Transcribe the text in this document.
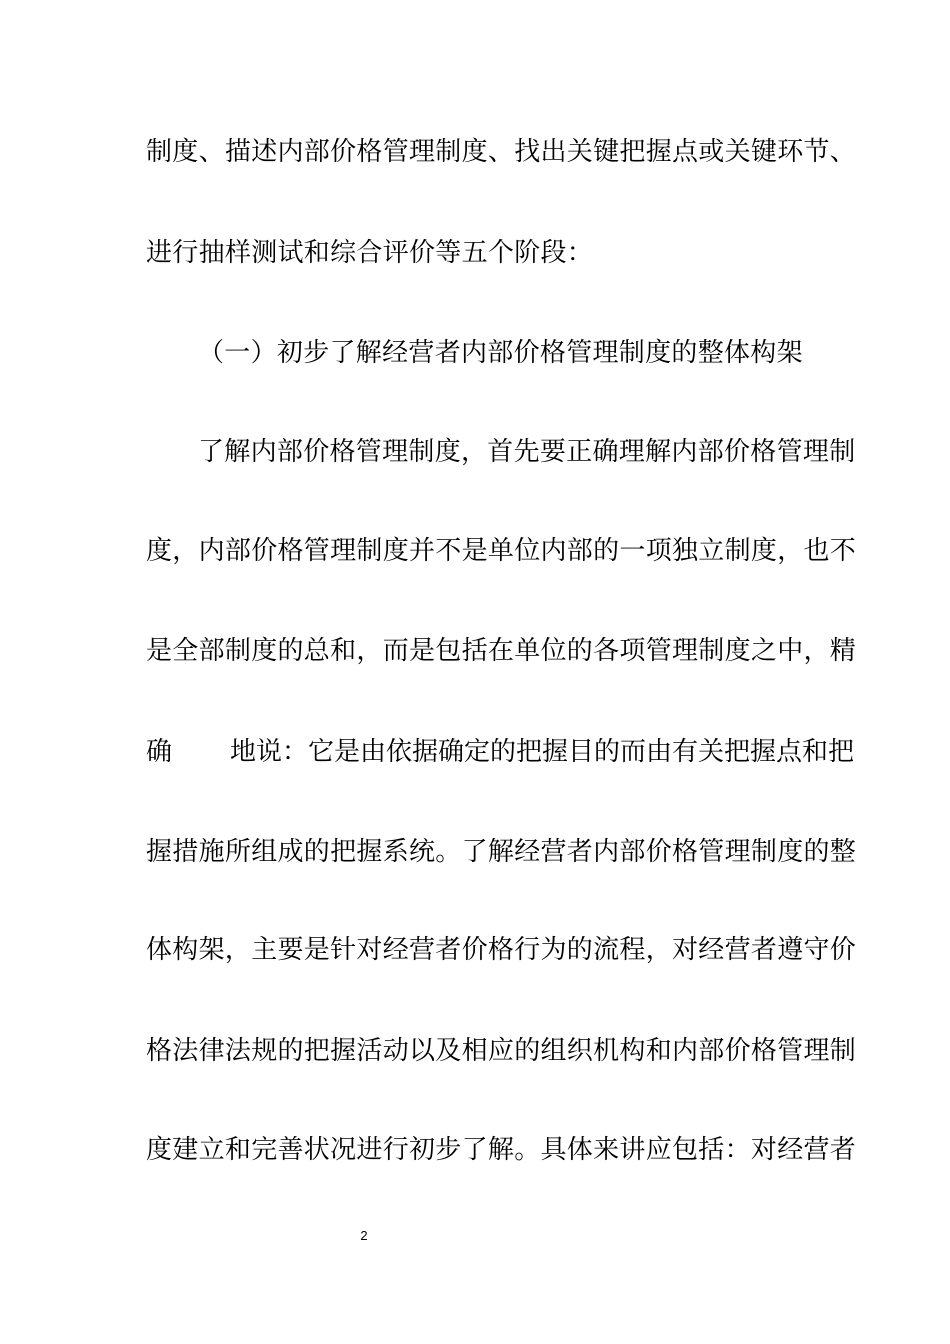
制度、描述内部价格管理制度、找出关键把握点或关键环节、
进行抽样测试和综合评价等五个阶段：
（一）初步了解经营者内部价格管理制度的整体构架
了解内部价格管理制度，首先要正确理解内部价格管理制
度，内部价格管理制度并不是单位内部的一项独立制度，也不
是全部制度的总和，而是包括在单位的各项管理制度之中，精
确 地说：它是由依据确定的把握目的而由有关把握点和把
握措施所组成的把握系统。了解经营者内部价格管理制度的整
体构架，主要是针对经营者价格行为的流程，对经营者遵守价
格法律法规的把握活动以及相应的组织机构和内部价格管理制
度建立和完善状况进行初步了解。具体来讲应包括：对经营者
2
